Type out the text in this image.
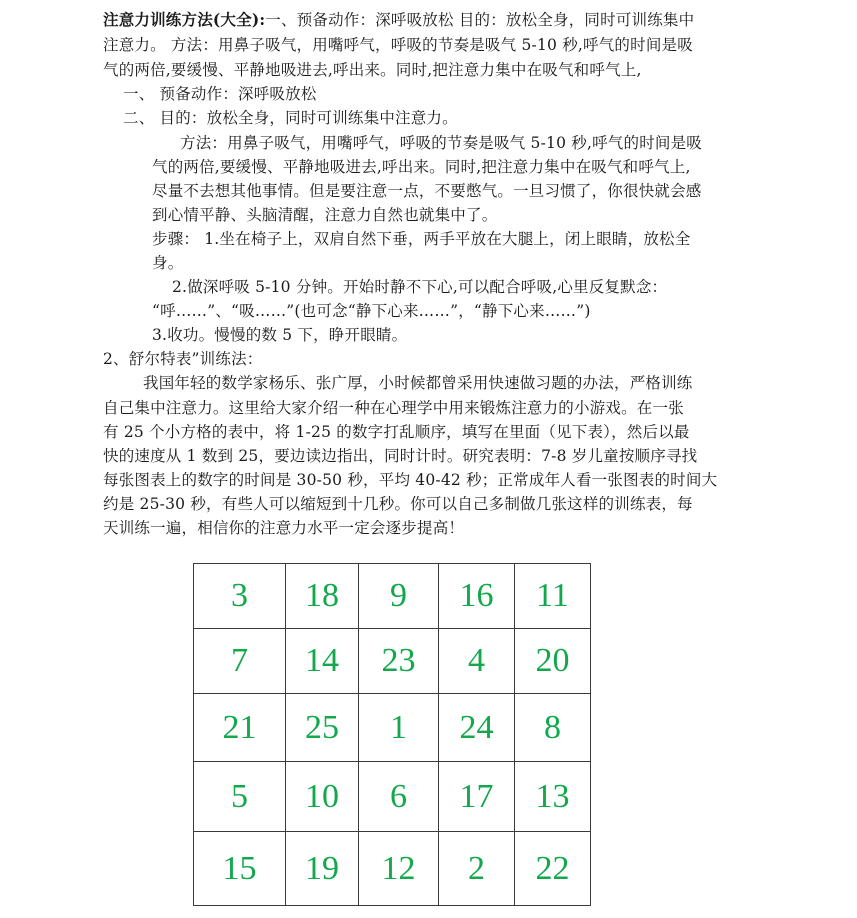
注意力训练方法(大全):一、预备动作：深呼吸放松 目的：放松全身，同时可训练集中
注意力。 方法：用鼻子吸气，用嘴呼气，呼吸的节奏是吸气 5-10 秒,呼气的时间是吸
气的两倍,要缓慢、平静地吸进去,呼出来。同时,把注意力集中在吸气和呼气上,
一、 预备动作：深呼吸放松
二、 目的：放松全身，同时可训练集中注意力。
方法：用鼻子吸气，用嘴呼气，呼吸的节奏是吸气 5-10 秒,呼气的时间是吸
气的两倍,要缓慢、平静地吸进去,呼出来。同时,把注意力集中在吸气和呼气上,
尽量不去想其他事情。但是要注意一点，不要憋气。一旦习惯了，你很快就会感
到心情平静、头脑清醒，注意力自然也就集中了。
步骤： 1.坐在椅子上，双肩自然下垂，两手平放在大腿上，闭上眼睛，放松全
身。
2.做深呼吸 5-10 分钟。开始时静不下心,可以配合呼吸,心里反复默念：
“呼……”、“吸……”(也可念“静下心来……”，“静下心来……”)
3.收功。慢慢的数 5 下，睁开眼睛。
2、舒尔特表”训练法：
我国年轻的数学家杨乐、张广厚，小时候都曾采用快速做习题的办法，严格训练
自己集中注意力。这里给大家介绍一种在心理学中用来锻炼注意力的小游戏。在一张
有 25 个小方格的表中，将 1-25 的数字打乱顺序，填写在里面（见下表），然后以最
快的速度从 1 数到 25，要边读边指出，同时计时。研究表明：7-8 岁儿童按顺序寻找
每张图表上的数字的时间是 30-50 秒，平均 40-42 秒；正常成年人看一张图表的时间大
约是 25-30 秒，有些人可以缩短到十几秒。你可以自己多制做几张这样的训练表，每
天训练一遍，相信你的注意力水平一定会逐步提高！
3	18	9	16	11
7	14	23	4	20
21	25	1	24	8
5	10	6	17	13
15	19	12	2	22
